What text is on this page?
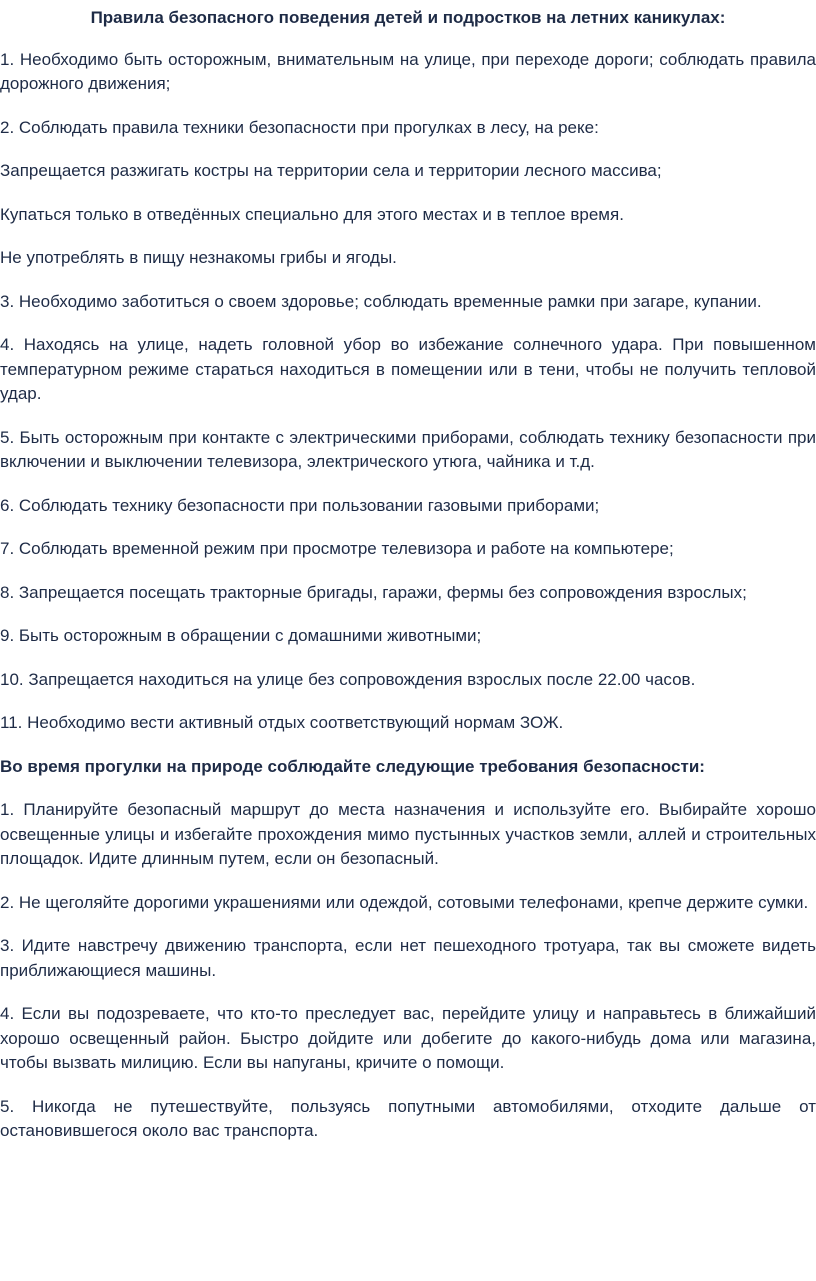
Правила безопасного поведения детей и подростков на летних каникулах:
1. Необходимо быть осторожным, внимательным на улице, при переходе дороги; соблюдать правила дорожного движения;
2. Соблюдать правила техники безопасности при прогулках в лесу, на реке:
Запрещается разжигать костры на территории села и территории лесного массива;
Купаться только в отведённых специально для этого местах и в теплое время.
Не употреблять в пищу незнакомы грибы и ягоды.
3. Необходимо заботиться о своем здоровье; соблюдать временные рамки при загаре, купании.
4. Находясь на улице, надеть головной убор во избежание солнечного удара. При повышенном температурном режиме стараться находиться в помещении или в тени, чтобы не получить тепловой удар.
5. Быть осторожным при контакте с электрическими приборами, соблюдать технику безопасности при включении и выключении телевизора, электрического утюга, чайника и т.д.
6. Соблюдать технику безопасности при пользовании газовыми приборами;
7. Соблюдать временной режим при просмотре телевизора и работе на компьютере;
8. Запрещается посещать тракторные бригады, гаражи, фермы без сопровождения взрослых;
9. Быть осторожным в обращении с домашними животными;
10. Запрещается находиться на улице без сопровождения взрослых после 22.00 часов.
11. Необходимо вести активный отдых соответствующий нормам ЗОЖ.
Во время прогулки на природе соблюдайте следующие требования безопасности:
1. Планируйте безопасный маршрут до места назначения и используйте его. Выбирайте хорошо освещенные улицы и избегайте прохождения мимо пустынных участков земли, аллей и строительных площадок. Идите длинным путем, если он безопасный.
2. Не щеголяйте дорогими украшениями или одеждой, сотовыми телефонами, крепче держите сумки.
3. Идите навстречу движению транспорта, если нет пешеходного тротуара, так вы сможете видеть приближающиеся машины.
4. Если вы подозреваете, что кто-то преследует вас, перейдите улицу и направьтесь в ближайший хорошо освещенный район. Быстро дойдите или добегите до какого-нибудь дома или магазина, чтобы вызвать милицию. Если вы напуганы, кричите о помощи.
5. Никогда не путешествуйте, пользуясь попутными автомобилями, отходите дальше от остановившегося около вас транспорта.
